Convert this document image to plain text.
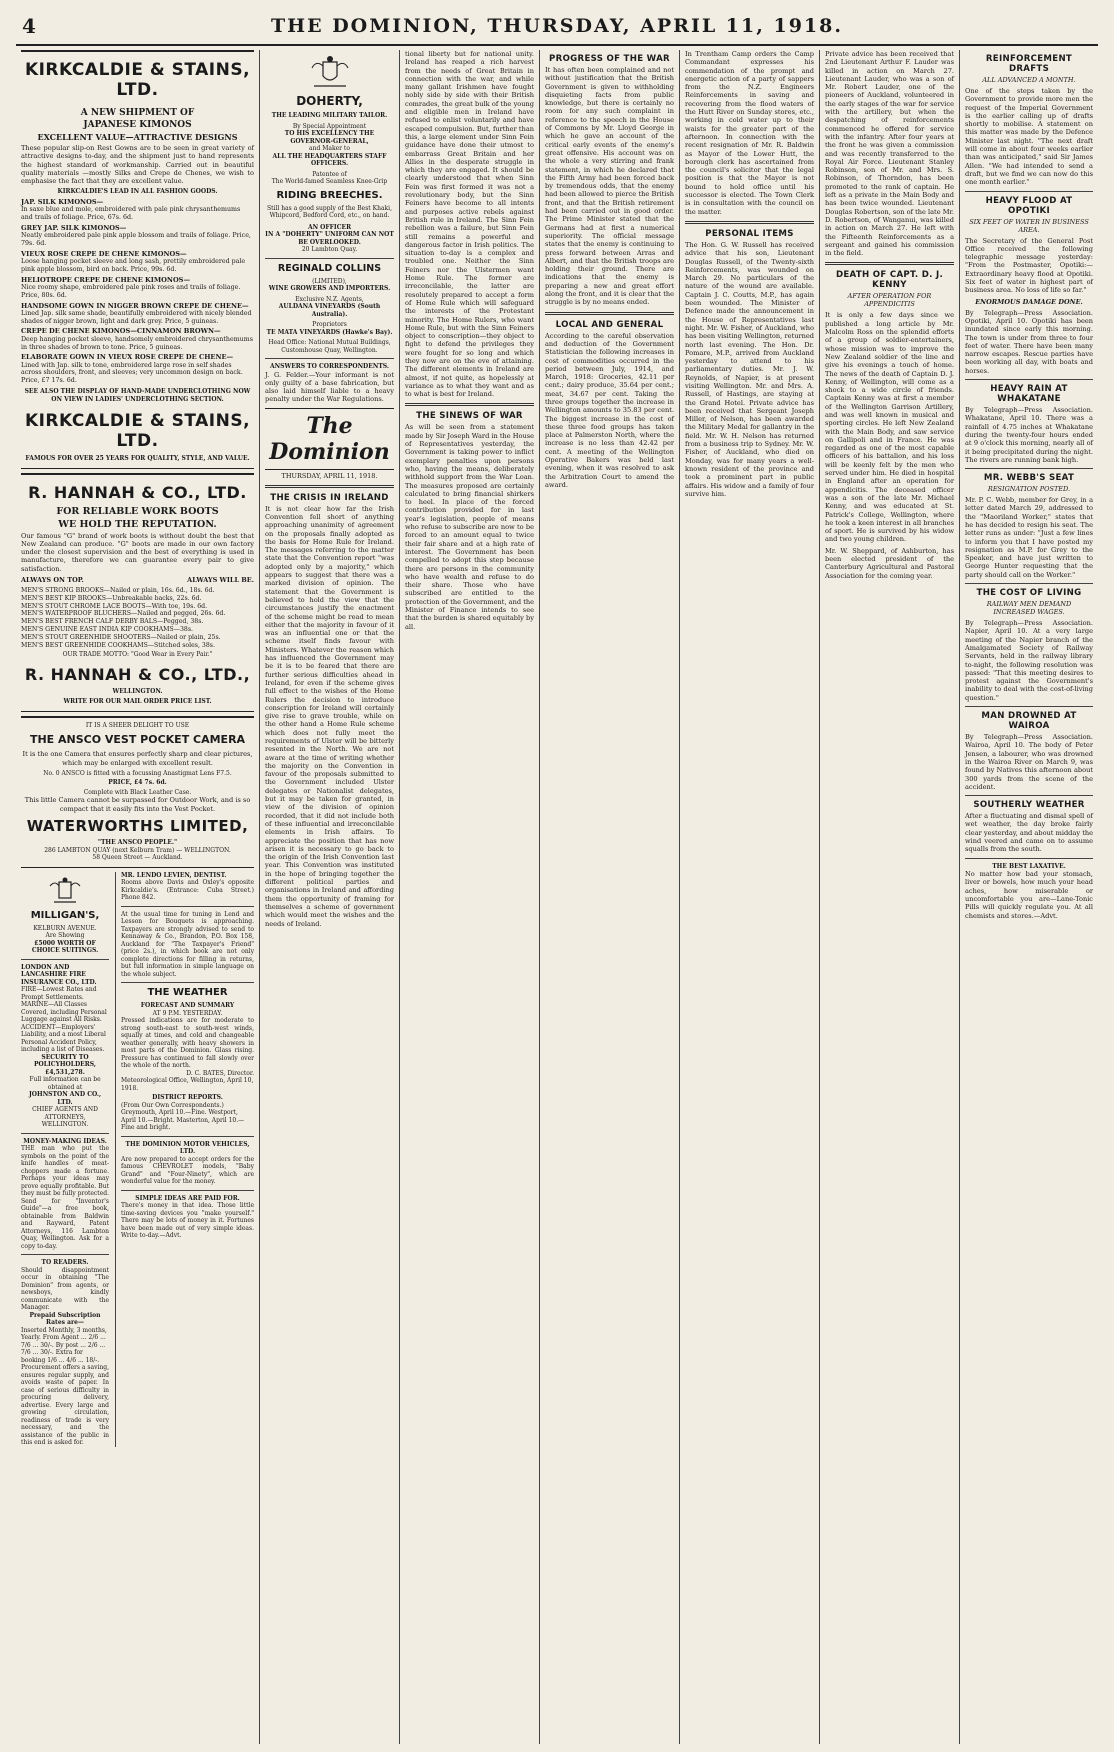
4	THE DOMINION, THURSDAY, APRIL 11, 1918.
KIRKCALDIE & STAINS, LTD.
A NEW SHIPMENT OF
JAPANESE KIMONOS
EXCELLENT VALUE—ATTRACTIVE DESIGNS

These popular slip-on Rest Gowns are to be seen in great variety of attractive designs to-day, and the shipment just to hand represents the highest standard of workmanship. Carried out in beautiful quality materials —mostly Silks and Crepe de Chenes, we wish to emphasise the fact that they are excellent value.

KIRKCALDIE'S LEAD IN ALL FASHION GOODS.
JAP. SILK KIMONOS—
In saxe blue and mole, embroidered with pale pink chrysanthemums and trails of foliage. Price, 67s. 6d.
GREY JAP. SILK KIMONOS—
Neatly embroidered pale pink apple blossom and trails of foliage. Price, 79s. 6d.
VIEUX ROSE CREPE DE CHENE KIMONOS—
Loose hanging pocket sleeve and long sash, prettily embroidered pale pink apple blossom, bird on back. Price, 99s. 6d.
HELIOTROPE CREPE DE CHENE KIMONOS—
Nice roomy shape, embroidered pale pink roses and trails of foliage. Price, 80s. 6d.
HANDSOME GOWN IN NIGGER BROWN CREPE DE CHENE—
Lined Jap. silk same shade, beautifully embroidered with nicely blended shades of nigger brown, light and dark grey. Price, 5 guineas.
CREPE DE CHENE KIMONOS—CINNAMON BROWN—
Deep hanging pocket sleeve, handsomely embroidered chrysanthemums in three shades of brown to tone. Price, 5 guineas.
ELABORATE GOWN IN VIEUX ROSE CREPE DE CHENE—
Lined with Jap. silk to tone, embroidered large rose in self shades across shoulders, front, and sleeves; very uncommon design on back. Price, £7 17s. 6d.
SEE ALSO THE DISPLAY OF HAND-MADE UNDERCLOTHING NOW ON VIEW IN LADIES' UNDERCLOTHING SECTION.
KIRKCALDIE & STAINS, LTD.
FAMOUS FOR OVER 25 YEARS FOR QUALITY, STYLE, AND VALUE.
R. HANNAH & CO., LTD.
FOR RELIABLE WORK BOOTS
WE HOLD THE REPUTATION.

Our famous "G" brand of work boots is without doubt the best that New Zealand can produce. "G" boots are made in our own factory under the closest supervision and the best of everything is used in manufacture, therefore we can guarantee every pair to give satisfaction.

ALWAYS ON TOP.	ALWAYS WILL BE.
MEN'S STRONG BROOKS—Nailed or plain, 16s. 6d., 18s. 6d.
MEN'S BEST KIP BROOKS—Unbreakable backs, 22s. 6d.
MEN'S STOUT CHROME LACE BOOTS—With toe, 19s. 6d.
MEN'S WATERPROOF BLUCHERS—Nailed and pegged, 26s. 6d.
MEN'S BEST FRENCH CALF DERBY BALS—Pegged, 38s.
MEN'S GENUINE EAST INDIA KIP COOKHAMS—38s.
MEN'S STOUT GREENHIDE SHOOTERS—Nailed or plain, 25s.
MEN'S BEST GREENHIDE COOKHAMS—Stitched soles, 38s.
OUR TRADE MOTTO: "Good Wear in Every Pair."
R. HANNAH & CO., LTD.,
WELLINGTON.
WRITE FOR OUR MAIL ORDER PRICE LIST.
IT IS A SHEER DELIGHT TO USE
THE ANSCO VEST POCKET CAMERA

It is the one Camera that ensures perfectly sharp and clear pictures, which may be enlarged with excellent result.

No. 0 ANSCO is fitted with a focussing Anastigmat Lens F7.5.
PRICE, £4 7s. 6d.
Complete with Black Leather Case.

This little Camera cannot be surpassed for Outdoor Work, and is so compact that it easily fits into the Vest Pocket.

WATERWORTHS LIMITED,
"THE ANSCO PEOPLE."
286 LAMBTON QUAY (next Kelburn Tram) — WELLINGTON.
58 Queen Street — Auckland.
MILLIGAN'S,
KELBURN AVENUE.
Are Showing
£5000 WORTH OF CHOICE SUITINGS.
LONDON AND LANCASHIRE FIRE INSURANCE CO., LTD.
FIRE—Lowest Rates and Prompt Settlements.
MARINE—All Classes Covered, including Personal Luggage against All Risks.
ACCIDENT—Employers' Liability, and a most Liberal Personal Accident Policy, including a list of Diseases.
SECURITY TO POLICYHOLDERS, £4,531,278.
Full information can be obtained at
JOHNSTON AND CO., LTD.
CHIEF AGENTS AND ATTORNEYS, WELLINGTON.
MONEY-MAKING IDEAS.
THE man who put the symbols on the point of the knife handles of meat-choppers made a fortune. Perhaps your ideas may prove equally profitable. But they must be fully protected. Send for "Inventor's Guide"—a free book, obtainable from Baldwin and Rayward, Patent Attorneys, 116 Lambton Quay, Wellington. Ask for a copy to-day.
TO READERS.
Should disappointment occur in obtaining "The Dominion" from agents, or newsboys, kindly communicate with the Manager.
Prepaid Subscription Rates are—
Inserted Monthly, 3 months, Yearly. From Agent ... 2/6 ... 7/6 ... 30/-. By post ... 2/6 ... 7/6 ... 30/-. Extra for booking 1/6 ... 4/6 ... 18/-.
Procurement offers a saving, ensures regular supply, and avoids waste of paper. In case of serious difficulty in procuring delivery, advertise. Every large and growing circulation, readiness of trade is very necessary, and the assistance of the public in this end is asked for.
MR. LENDO LEVIEN, DENTIST.
Rooms above Davis and Oxley's opposite Kirkcaldie's. (Entrance: Cuba Street.) Phone 842.
At the usual time for tuning in Lend and Lesson for Bouquets is approaching. Taxpayers are strongly advised to send to Kennaway & Co., Brandon, P.O. Box 158, Auckland for "The Taxpayer's Friend" (price 2s.), in which book are not only complete directions for filling in returns, but full information in simple language on the whole subject.
THE WEATHER
FORECAST AND SUMMARY
AT 9 P.M. YESTERDAY.
Pressed indications are for moderate to strong south-east to south-west winds, squally at times, and cold and changeable weather generally, with heavy showers in most parts of the Dominion. Glass rising. Pressure has continued to fall slowly over the whole of the north.
D. C. BATES, Director.
Meteorological Office, Wellington, April 10, 1918.
DISTRICT REPORTS.
(From Our Own Correspondents.) Greymouth, April 10.—Fine. Westport, April 10.—Bright. Masterton, April 10.—Fine and bright.
THE DOMINION MOTOR VEHICLES, LTD.
Are now prepared to accept orders for the famous CHEVROLET models, "Baby Grand" and "Four-Ninety", which are wonderful value for the money.
SIMPLE IDEAS ARE PAID FOR.
There's money in that idea. Those little time-saving devices you "make yourself." There may be lots of money in it. Fortunes have been made out of very simple ideas. Write to-day.—Advt.
DOHERTY,
THE LEADING MILITARY TAILOR.
By Special Appointment
TO HIS EXCELLENCY THE GOVERNOR-GENERAL,
and Maker to
ALL THE HEADQUARTERS STAFF OFFICERS.
Patentee of
The World-famed Seamless Knee-Grip
RIDING BREECHES.
Still has a good supply of the Best Khaki, Whipcord, Bedford Cord, etc., on hand.
AN OFFICER
IN A "DOHERTY" UNIFORM CAN NOT BE OVERLOOKED.
20 Lambton Quay.
REGINALD COLLINS
(LIMITED),
WINE GROWERS AND IMPORTERS.
Exclusive N.Z. Agents,
AULDANA VINEYARDS (South Australia).
Proprietors
TE MATA VINEYARDS (Hawke's Bay).
Head Office: National Mutual Buildings, Customhouse Quay, Wellington.
ANSWERS TO CORRESPONDENTS.

J. G. Felder.—Your informant is not only guilty of a base fabrication, but also laid himself liable to a heavy penalty under the War Regulations.

The Dominion
THURSDAY, APRIL 11, 1918.
THE CRISIS IN IRELAND

It is not clear how far the Irish Convention fell short of anything approaching unanimity of agreement on the proposals finally adopted as the basis for Home Rule for Ireland. The messages referring to the matter state that the Convention report "was adopted only by a majority," which appears to suggest that there was a marked division of opinion. The statement that the Government is believed to hold the view that the circumstances justify the enactment of the scheme might be read to mean either that the majority in favour of it was an influential one or that the scheme itself finds favour with Ministers. Whatever the reason which has influenced the Government may be it is to be feared that there are further serious difficulties ahead in Ireland, for even if the scheme gives full effect to the wishes of the Home Rulers the decision to introduce conscription for Ireland will certainly give rise to grave trouble, while on the other hand a Home Rule scheme which does not fully meet the requirements of Ulster will be bitterly resented in the North. We are not aware at the time of writing whether the majority on the Convention in favour of the proposals submitted to the Government included Ulster delegates or Nationalist delegates, but it may be taken for granted, in view of the division of opinion recorded, that it did not include both of these influential and irreconcilable elements in Irish affairs. To appreciate the position that has now arisen it is necessary to go back to the origin of the Irish Convention last year. This Convention was instituted in the hope of bringing together the different political parties and organisations in Ireland and affording them the opportunity of framing for themselves a scheme of government which would meet the wishes and the needs of Ireland.

tional liberty but for national unity. Ireland has reaped a rich harvest from the needs of Great Britain in connection with the war, and while many gallant Irishmen have fought nobly side by side with their British comrades, the great bulk of the young and eligible men in Ireland have refused to enlist voluntarily and have escaped compulsion. But, further than this, a large element under Sinn Fein guidance have done their utmost to embarrass Great Britain and her Allies in the desperate struggle in which they are engaged. It should be clearly understood that when Sinn Fein was first formed it was not a revolutionary body, but the Sinn Feiners have become to all intents and purposes active rebels against British rule in Ireland. The Sinn Fein rebellion was a failure, but Sinn Fein still remains a powerful and dangerous factor in Irish politics. The situation to-day is a complex and troubled one. Neither the Sinn Feiners nor the Ulstermen want Home Rule. The former are irreconcilable, the latter are resolutely prepared to accept a form of Home Rule which will safeguard the interests of the Protestant minority. The Home Rulers, who want Home Rule, but with the Sinn Feiners object to conscription—they object to fight to defend the privileges they were fought for so long and which they now are on the eve of attaining. The different elements in Ireland are almost, if not quite, as hopelessly at variance as to what they want and as to what is best for Ireland.

THE SINEWS OF WAR

As will be seen from a statement made by Sir Joseph Ward in the House of Representatives yesterday, the Government is taking power to inflict exemplary penalties upon persons who, having the means, deliberately withhold support from the War Loan. The measures proposed are certainly calculated to bring financial shirkers to heel. In place of the forced contribution provided for in last year's legislation, people of means who refuse to subscribe are now to be forced to an amount equal to twice their fair share and at a high rate of interest. The Government has been compelled to adopt this step because there are persons in the community who have wealth and refuse to do their share. Those who have subscribed are entitled to the protection of the Government, and the Minister of Finance intends to see that the burden is shared equitably by all.

PROGRESS OF THE WAR

It has often been complained and not without justification that the British Government is given to withholding disquieting facts from public knowledge, but there is certainly no room for any such complaint in reference to the speech in the House of Commons by Mr. Lloyd George in which he gave an account of the critical early events of the enemy's great offensive. His account was on the whole a very stirring and frank statement, in which he declared that the Fifth Army had been forced back by tremendous odds, that the enemy had been allowed to pierce the British front, and that the British retirement had been carried out in good order. The Prime Minister stated that the Germans had at first a numerical superiority. The official message states that the enemy is continuing to press forward between Arras and Albert, and that the British troops are holding their ground. There are indications that the enemy is preparing a new and great effort along the front, and it is clear that the struggle is by no means ended.

LOCAL AND GENERAL

According to the careful observation and deduction of the Government Statistician the following increases in cost of commodities occurred in the period between July, 1914, and March, 1918: Groceries, 42.11 per cent.; dairy produce, 35.64 per cent.; meat, 34.67 per cent. Taking the three groups together the increase in Wellington amounts to 35.83 per cent. The biggest increase in the cost of these three food groups has taken place at Palmerston North, where the increase is no less than 42.42 per cent. A meeting of the Wellington Operative Bakers was held last evening, when it was resolved to ask the Arbitration Court to amend the award.

In Trentham Camp orders the Camp Commandant expresses his commendation of the prompt and energetic action of a party of sappers from the N.Z. Engineers Reinforcements in saving and recovering from the flood waters of the Hutt River on Sunday stores, etc., working in cold water up to their waists for the greater part of the afternoon. In connection with the recent resignation of Mr. R. Baldwin as Mayor of the Lower Hutt, the borough clerk has ascertained from the council's solicitor that the legal position is that the Mayor is not bound to hold office until his successor is elected. The Town Clerk is in consultation with the council on the matter.

PERSONAL ITEMS

The Hon. G. W. Russell has received advice that his son, Lieutenant Douglas Russell, of the Twenty-sixth Reinforcements, was wounded on March 29. No particulars of the nature of the wound are available. Captain J. C. Coutts, M.P., has again been wounded. The Minister of Defence made the announcement in the House of Representatives last night. Mr. W. Fisher, of Auckland, who has been visiting Wellington, returned north last evening. The Hon. Dr. Pomare, M.P., arrived from Auckland yesterday to attend to his parliamentary duties. Mr. J. W. Reynolds, of Napier, is at present visiting Wellington. Mr. and Mrs. A. Russell, of Hastings, are staying at the Grand Hotel. Private advice has been received that Sergeant Joseph Miller, of Nelson, has been awarded the Military Medal for gallantry in the field. Mr. W. H. Nelson has returned from a business trip to Sydney. Mr. W. Fisher, of Auckland, who died on Monday, was for many years a well-known resident of the province and took a prominent part in public affairs. His widow and a family of four survive him.

Private advice has been received that 2nd Lieutenant Arthur F. Lauder was killed in action on March 27. Lieutenant Lauder, who was a son of Mr. Robert Lauder, one of the pioneers of Auckland, volunteered in the early stages of the war for service with the artillery, but when the despatching of reinforcements commenced he offered for service with the infantry. After four years at the front he was given a commission and was recently transferred to the Royal Air Force. Lieutenant Stanley Robinson, son of Mr. and Mrs. S. Robinson, of Thorndon, has been promoted to the rank of captain. He left as a private in the Main Body and has been twice wounded. Lieutenant Douglas Robertson, son of the late Mr. D. Robertson, of Wanganui, was killed in action on March 27. He left with the Fifteenth Reinforcements as a sergeant and gained his commission in the field.

DEATH OF CAPT. D. J. KENNY
AFTER OPERATION FOR APPENDICITIS

It is only a few days since we published a long article by Mr. Malcolm Ross on the splendid efforts of a group of soldier-entertainers, whose mission was to improve the New Zealand soldier of the line and give his evenings a touch of home. The news of the death of Captain D. J. Kenny, of Wellington, will come as a shock to a wide circle of friends. Captain Kenny was at first a member of the Wellington Garrison Artillery, and was well known in musical and sporting circles. He left New Zealand with the Main Body, and saw service on Gallipoli and in France. He was regarded as one of the most capable officers of his battalion, and his loss will be keenly felt by the men who served under him. He died in hospital in England after an operation for appendicitis. The deceased officer was a son of the late Mr. Michael Kenny, and was educated at St. Patrick's College, Wellington, where he took a keen interest in all branches of sport. He is survived by his widow and two young children.

Mr. W. Sheppard, of Ashburton, has been elected president of the Canterbury Agricultural and Pastoral Association for the coming year.

REINFORCEMENT DRAFTS
ALL ADVANCED A MONTH.

One of the steps taken by the Government to provide more men the request of the Imperial Government is the earlier calling up of drafts shortly to mobilise. A statement on this matter was made by the Defence Minister last night. "The next draft will come in about four weeks earlier than was anticipated," said Sir James Allen. "We had intended to send a draft, but we find we can now do this one month earlier."

HEAVY FLOOD AT OPOTIKI
SIX FEET OF WATER IN BUSINESS AREA.

The Secretary of the General Post Office received the following telegraphic message yesterday: "From the Postmaster, Opotiki:—Extraordinary heavy flood at Opotiki. Six feet of water in highest part of business area. No loss of life so far."

ENORMOUS DAMAGE DONE.

By Telegraph—Press Association. Opotiki, April 10. Opotiki has been inundated since early this morning. The town is under from three to four feet of water. There have been many narrow escapes. Rescue parties have been working all day, with boats and horses.

HEAVY RAIN AT WHAKATANE

By Telegraph—Press Association. Whakatane, April 10. There was a rainfall of 4.75 inches at Whakatane during the twenty-four hours ended at 9 o'clock this morning, nearly all of it being precipitated during the night. The rivers are running bank high.

MR. WEBB'S SEAT
RESIGNATION POSTED.

Mr. P. C. Webb, member for Grey, in a letter dated March 29, addressed to the "Maoriland Worker," states that he has decided to resign his seat. The letter runs as under: "Just a few lines to inform you that I have posted my resignation as M.P. for Grey to the Speaker, and have just written to George Hunter requesting that the party should call on the Worker."

THE COST OF LIVING
RAILWAY MEN DEMAND INCREASED WAGES.

By Telegraph—Press Association. Napier, April 10. At a very large meeting of the Napier branch of the Amalgamated Society of Railway Servants, held in the railway library to-night, the following resolution was passed: "That this meeting desires to protest against the Government's inability to deal with the cost-of-living question."

MAN DROWNED AT WAIROA

By Telegraph—Press Association. Wairoa, April 10. The body of Peter Jensen, a labourer, who was drowned in the Wairoa River on March 9, was found by Natives this afternoon about 300 yards from the scene of the accident.

SOUTHERLY WEATHER

After a fluctuating and dismal spell of wet weather, the day broke fairly clear yesterday, and about midday the wind veered and came on to assume squalls from the south.

THE BEST LAXATIVE.

No matter how bad your stomach, liver or bowels, how much your head aches, how miserable or uncomfortable you are—Lane-Tonic Pills will quickly regulate you. At all chemists and stores.—Advt.
